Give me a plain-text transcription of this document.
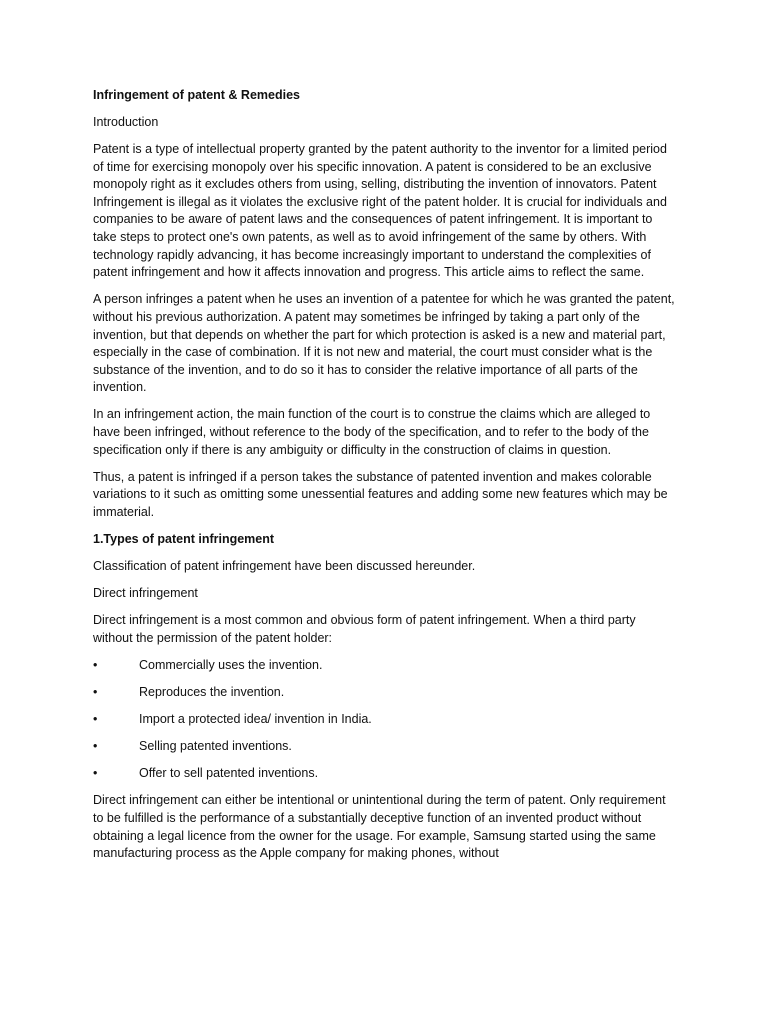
Infringement of patent & Remedies
Introduction
Patent is a type of intellectual property granted by the patent authority to the inventor for a limited period of time for exercising monopoly over his specific innovation. A patent is considered to be an exclusive monopoly right as it excludes others from using, selling, distributing the invention of innovators. Patent Infringement is illegal as it violates the exclusive right of the patent holder. It is crucial for individuals and companies to be aware of patent laws and the consequences of patent infringement. It is important to take steps to protect one's own patents, as well as to avoid infringement of the same by others. With technology rapidly advancing, it has become increasingly important to understand the complexities of patent infringement and how it affects innovation and progress. This article aims to reflect the same.
A person infringes a patent when he uses an invention of a patentee for which he was granted the patent, without his previous authorization. A patent may sometimes be infringed by taking a part only of the invention, but that depends on whether the part for which protection is asked is a new and material part, especially in the case of combination. If it is not new and material, the court must consider what is the substance of the invention, and to do so it has to consider the relative importance of all parts of the invention.
In an infringement action, the main function of the court is to construe the claims which are alleged to have been infringed, without reference to the body of the specification, and to refer to the body of the specification only if there is any ambiguity or difficulty in the construction of claims in question.
Thus, a patent is infringed if a person takes the substance of patented invention and makes colorable variations to it such as omitting some unessential features and adding some new features which may be immaterial.
1.Types of patent infringement
Classification of patent infringement have been discussed hereunder.
Direct infringement
Direct infringement is a most common and obvious form of patent infringement. When a third party without the permission of the patent holder:
•	Commercially uses the invention.
•	Reproduces the invention.
•	Import a protected idea/ invention in India.
•	Selling patented inventions.
•	Offer to sell patented inventions.
Direct infringement can either be intentional or unintentional during the term of patent. Only requirement to be fulfilled is the performance of a substantially deceptive function of an invented product without obtaining a legal licence from the owner for the usage. For example, Samsung started using the same manufacturing process as the Apple company for making phones, without
